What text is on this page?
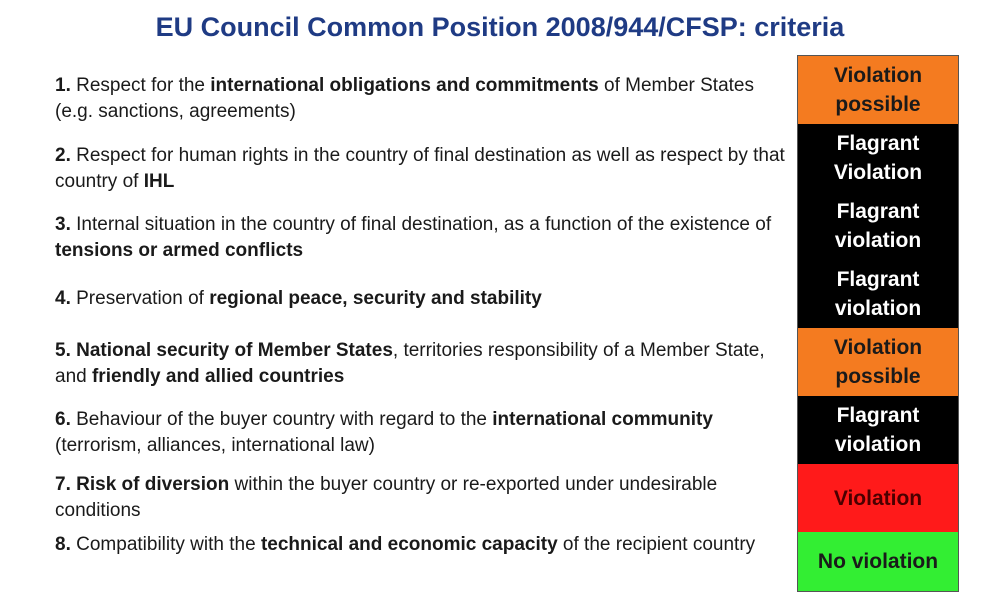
EU Council Common Position 2008/944/CFSP: criteria
1. Respect for the international obligations and commitments of Member States (e.g. sanctions, agreements)
2. Respect for human rights in the country of final destination as well as respect by that country of IHL
3. Internal situation in the country of final destination, as a function of the existence of tensions or armed conflicts
4. Preservation of regional peace, security and stability
5. National security of Member States, territories responsibility of a Member State, and friendly and allied countries
6. Behaviour of the buyer country with regard to the international community (terrorism, alliances, international law)
7. Risk of diversion within the buyer country or re-exported under undesirable conditions
8. Compatibility with the technical and economic capacity of the recipient country
Violation
possible
Flagrant
Violation
Flagrant
violation
Flagrant
violation
Violation
possible
Flagrant
violation
Violation
No violation
